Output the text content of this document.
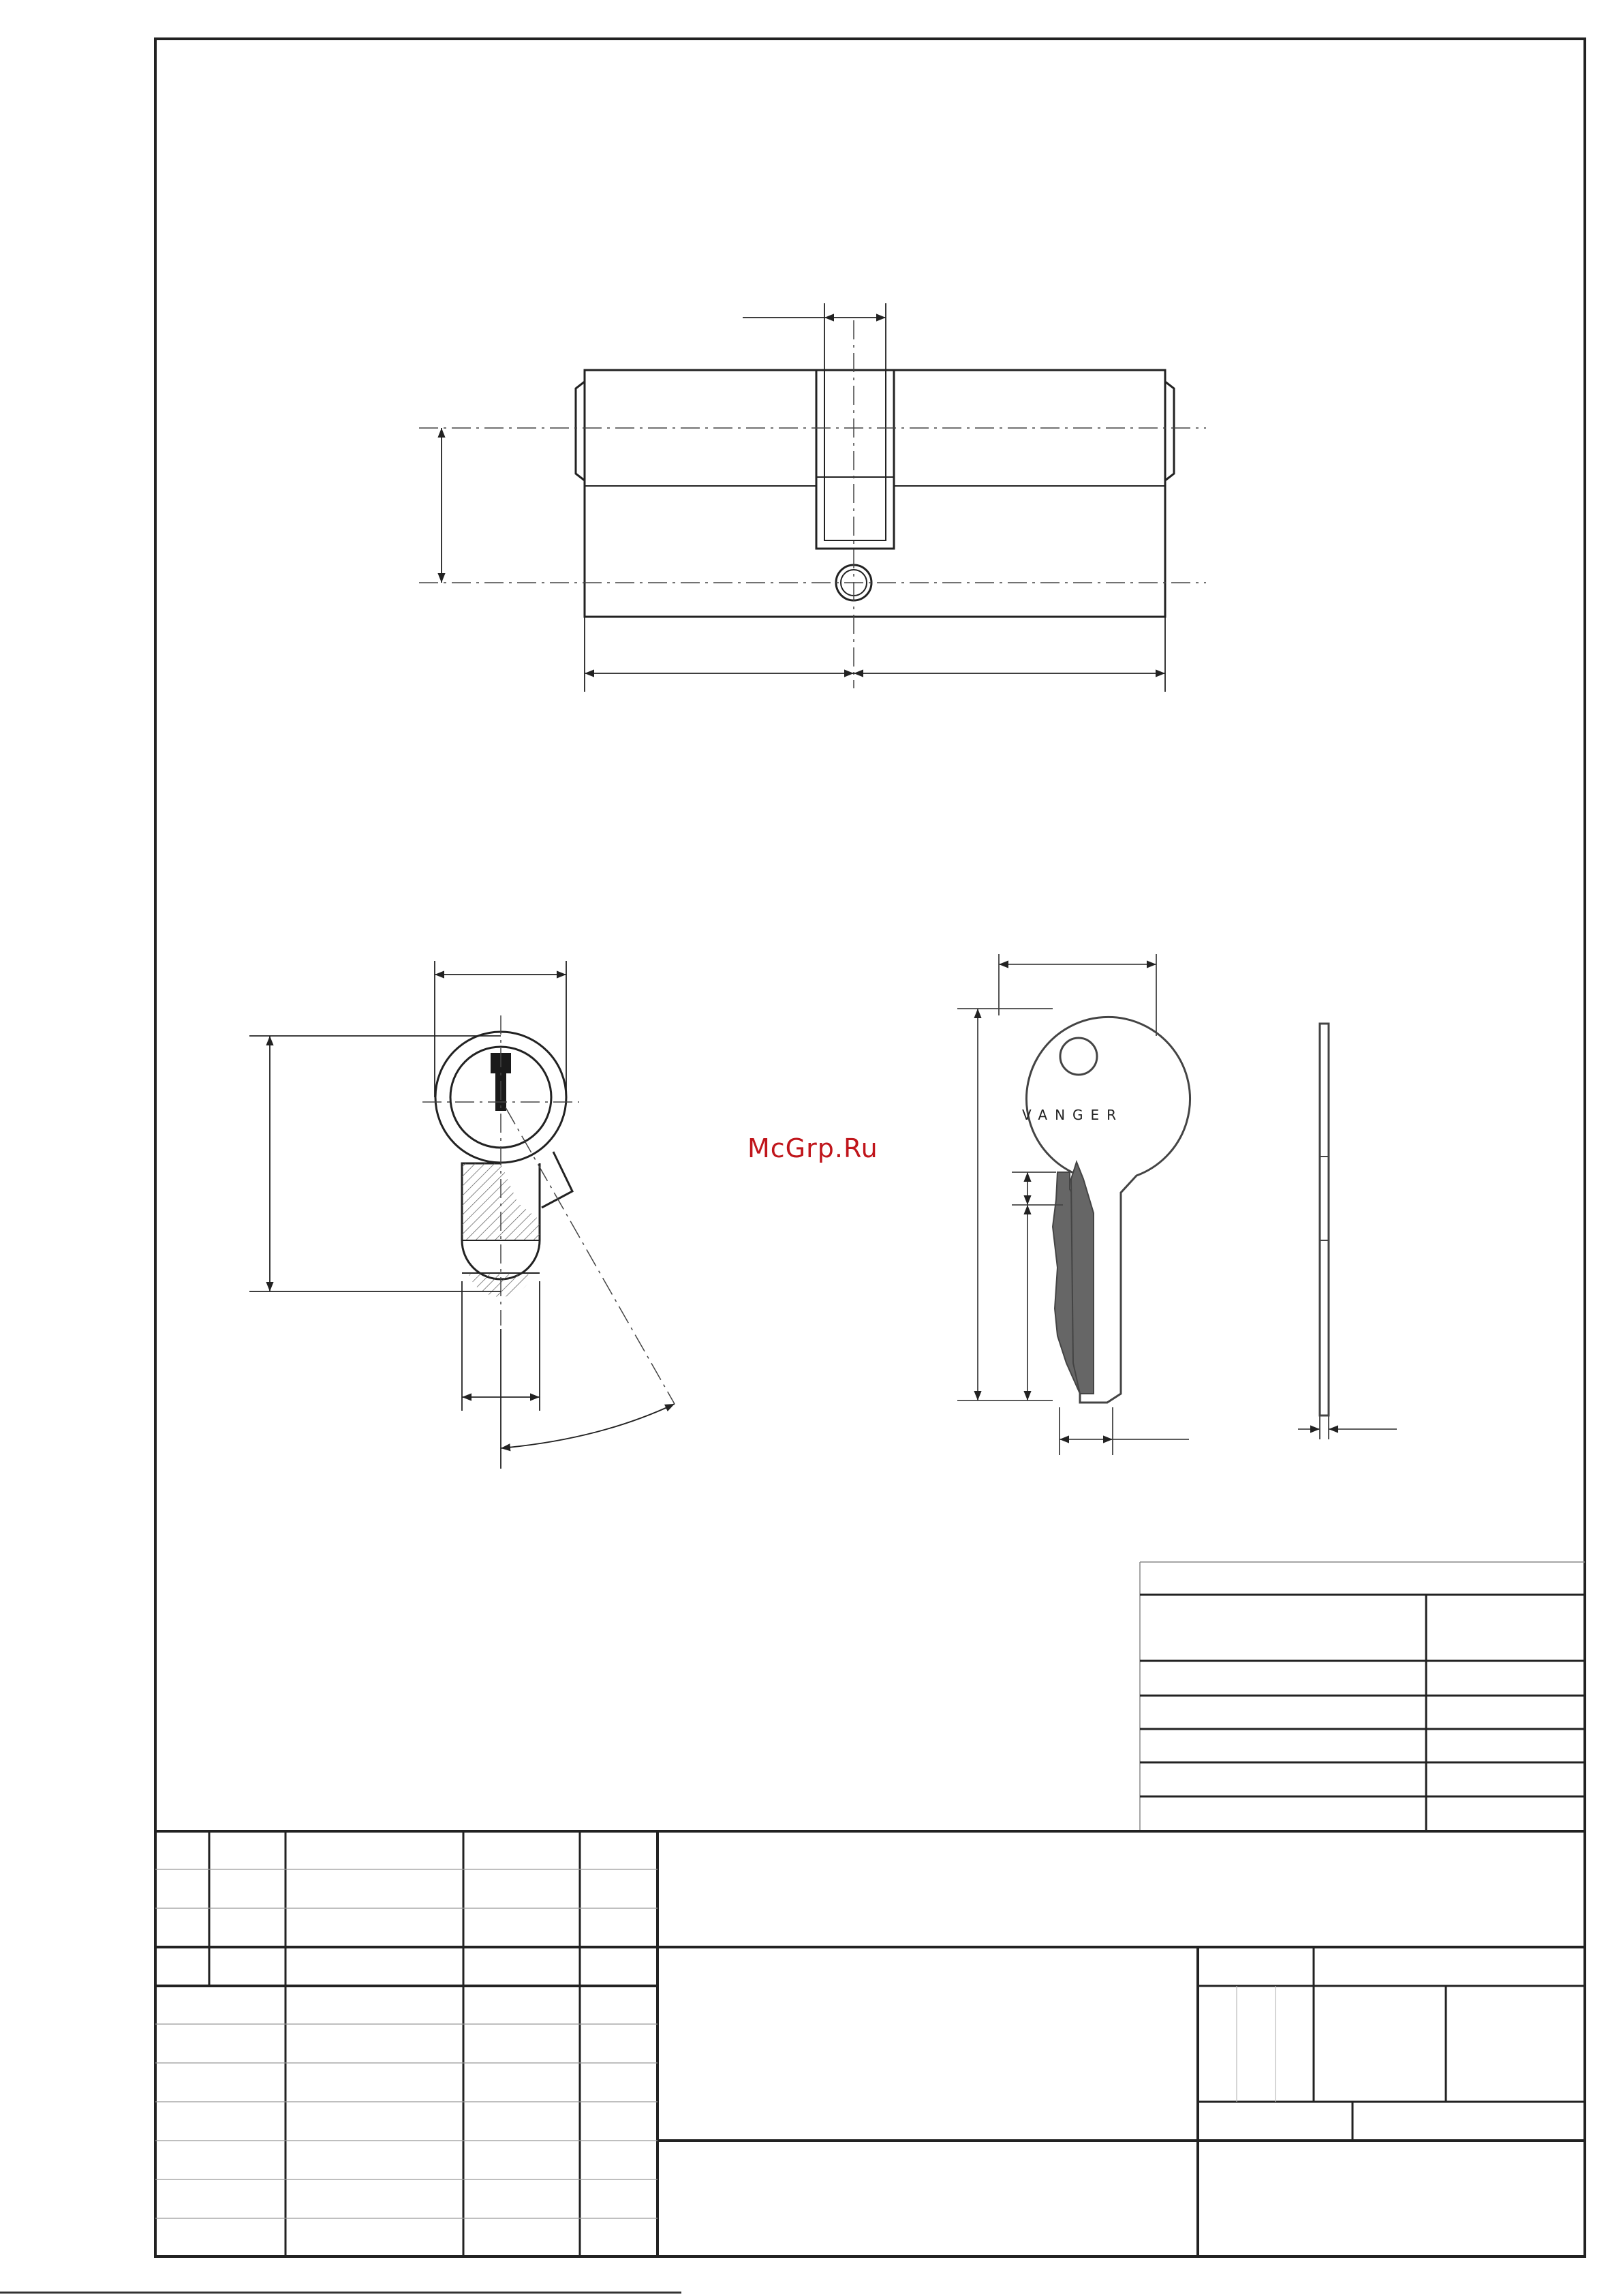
McGrp.Ru
VANGER
